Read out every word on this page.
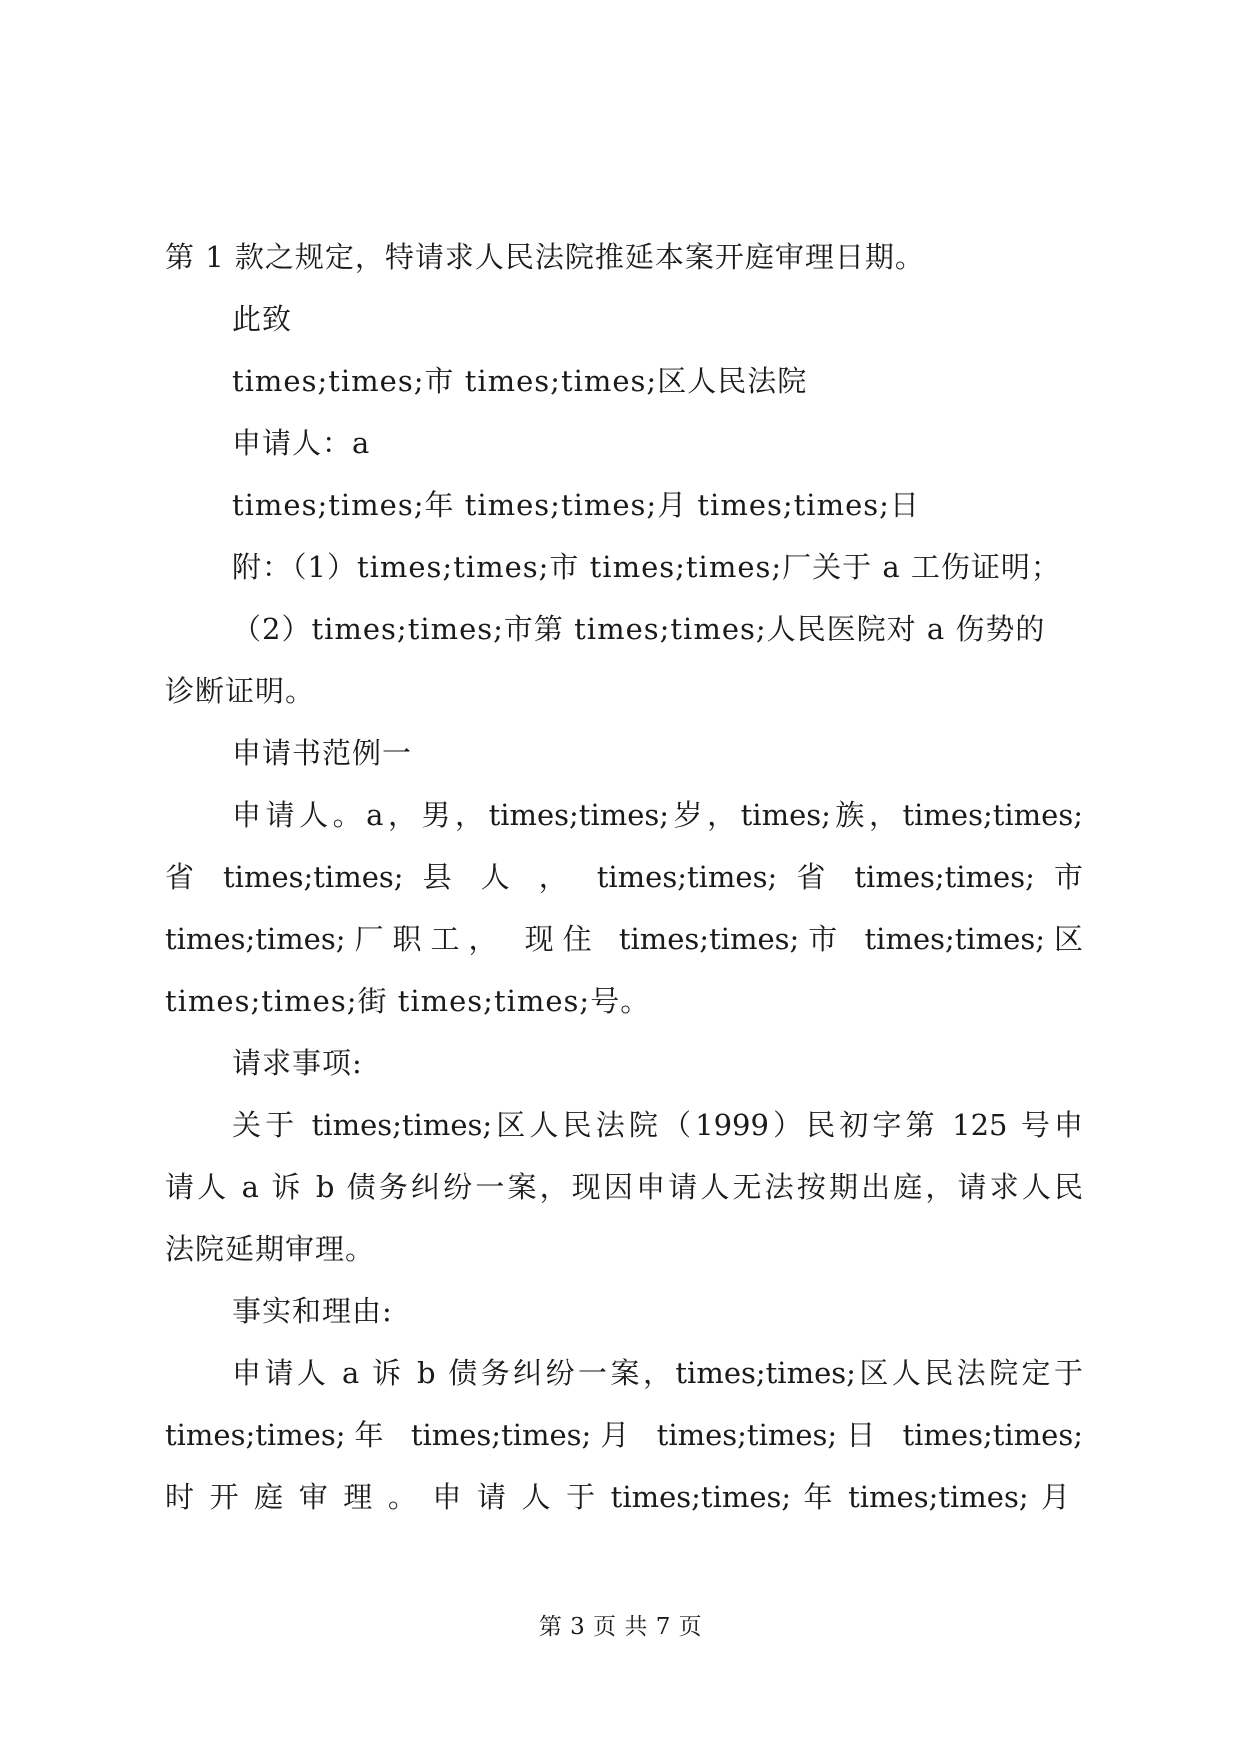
第 1 款之规定，特请求人民法院推延本案开庭审理日期。
此致
times;times;市 times;times;区人民法院
申请人：a
times;times;年 times;times;月 times;times;日
附：（1）times;times;市 times;times;厂关于 a 工伤证明；
（2）times;times;市第 times;times;人民医院对 a 伤势的
诊断证明。
申请书范例一
申请人。a，男，times;times;岁，times;族，times;times;
省 times;times; 县 人 ， times;times; 省 times;times; 市
times;times;厂职工， 现住 times;times;市 times;times;区
times;times;街 times;times;号。
请求事项:
关于 times;times;区人民法院（1999）民初字第 125 号申
请人 a 诉 b 债务纠纷一案，现因申请人无法按期出庭，请求人民
法院延期审理。
事实和理由:
申请人 a 诉 b 债务纠纷一案，times;times;区人民法院定于
times;times;年 times;times;月 times;times;日 times;times;
时 开 庭 审 理 。 申 请 人 于 times;times; 年 times;times; 月
第 3 页 共 7 页
